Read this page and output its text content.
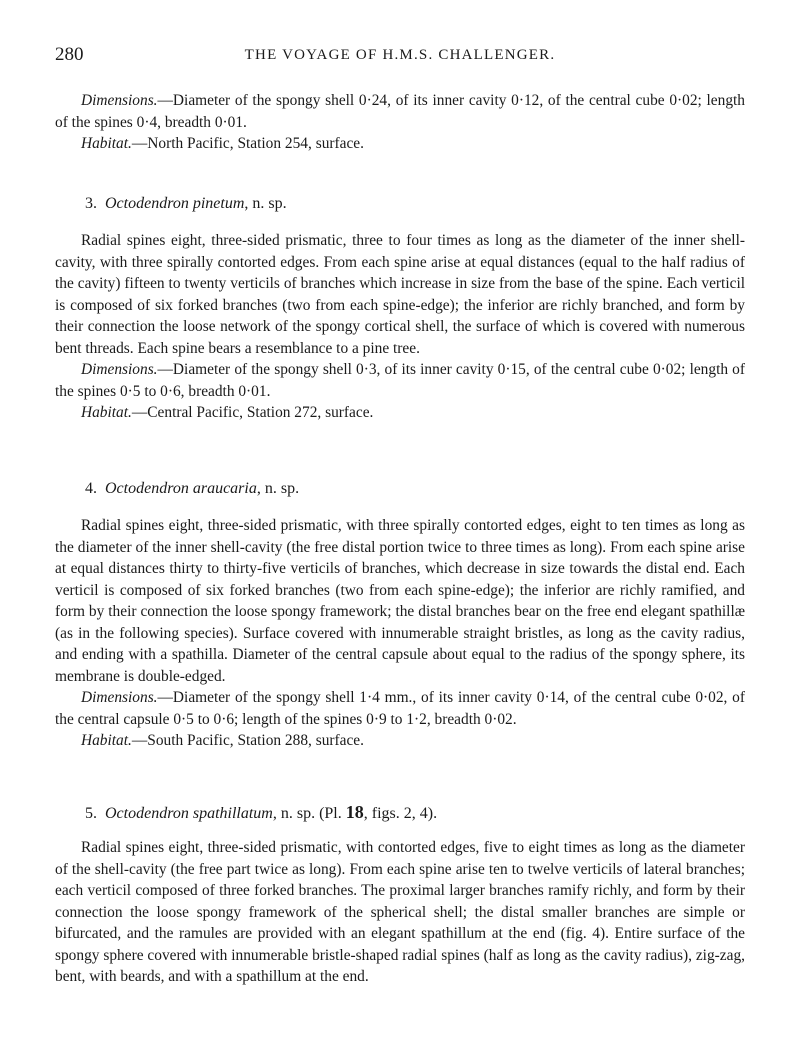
280	THE VOYAGE OF H.M.S. CHALLENGER.

Dimensions.—Diameter of the spongy shell 0·24, of its inner cavity 0·12, of the central cube 0·02; length of the spines 0·4, breadth 0·01.

Habitat.—North Pacific, Station 254, surface.

3. Octodendron pinetum, n. sp.

Radial spines eight, three-sided prismatic, three to four times as long as the diameter of the inner shell-cavity, with three spirally contorted edges. From each spine arise at equal distances (equal to the half radius of the cavity) fifteen to twenty verticils of branches which increase in size from the base of the spine. Each verticil is composed of six forked branches (two from each spine-edge); the inferior are richly branched, and form by their connection the loose network of the spongy cortical shell, the surface of which is covered with numerous bent threads. Each spine bears a resemblance to a pine tree.

Dimensions.—Diameter of the spongy shell 0·3, of its inner cavity 0·15, of the central cube 0·02; length of the spines 0·5 to 0·6, breadth 0·01.

Habitat.—Central Pacific, Station 272, surface.

4. Octodendron araucaria, n. sp.

Radial spines eight, three-sided prismatic, with three spirally contorted edges, eight to ten times as long as the diameter of the inner shell-cavity (the free distal portion twice to three times as long). From each spine arise at equal distances thirty to thirty-five verticils of branches, which decrease in size towards the distal end. Each verticil is composed of six forked branches (two from each spine-edge); the inferior are richly ramified, and form by their connection the loose spongy framework; the distal branches bear on the free end elegant spathillæ (as in the following species). Surface covered with innumerable straight bristles, as long as the cavity radius, and ending with a spathilla. Diameter of the central capsule about equal to the radius of the spongy sphere, its membrane is double-edged.

Dimensions.—Diameter of the spongy shell 1·4 mm., of its inner cavity 0·14, of the central cube 0·02, of the central capsule 0·5 to 0·6; length of the spines 0·9 to 1·2, breadth 0·02.

Habitat.—South Pacific, Station 288, surface.

5. Octodendron spathillatum, n. sp. (Pl. 18, figs. 2, 4).

Radial spines eight, three-sided prismatic, with contorted edges, five to eight times as long as the diameter of the shell-cavity (the free part twice as long). From each spine arise ten to twelve verticils of lateral branches; each verticil composed of three forked branches. The proximal larger branches ramify richly, and form by their connection the loose spongy framework of the spherical shell; the distal smaller branches are simple or bifurcated, and the ramules are provided with an elegant spathillum at the end (fig. 4). Entire surface of the spongy sphere covered with innumerable bristle-shaped radial spines (half as long as the cavity radius), zig-zag, bent, with beards, and with a spathillum at the end.
